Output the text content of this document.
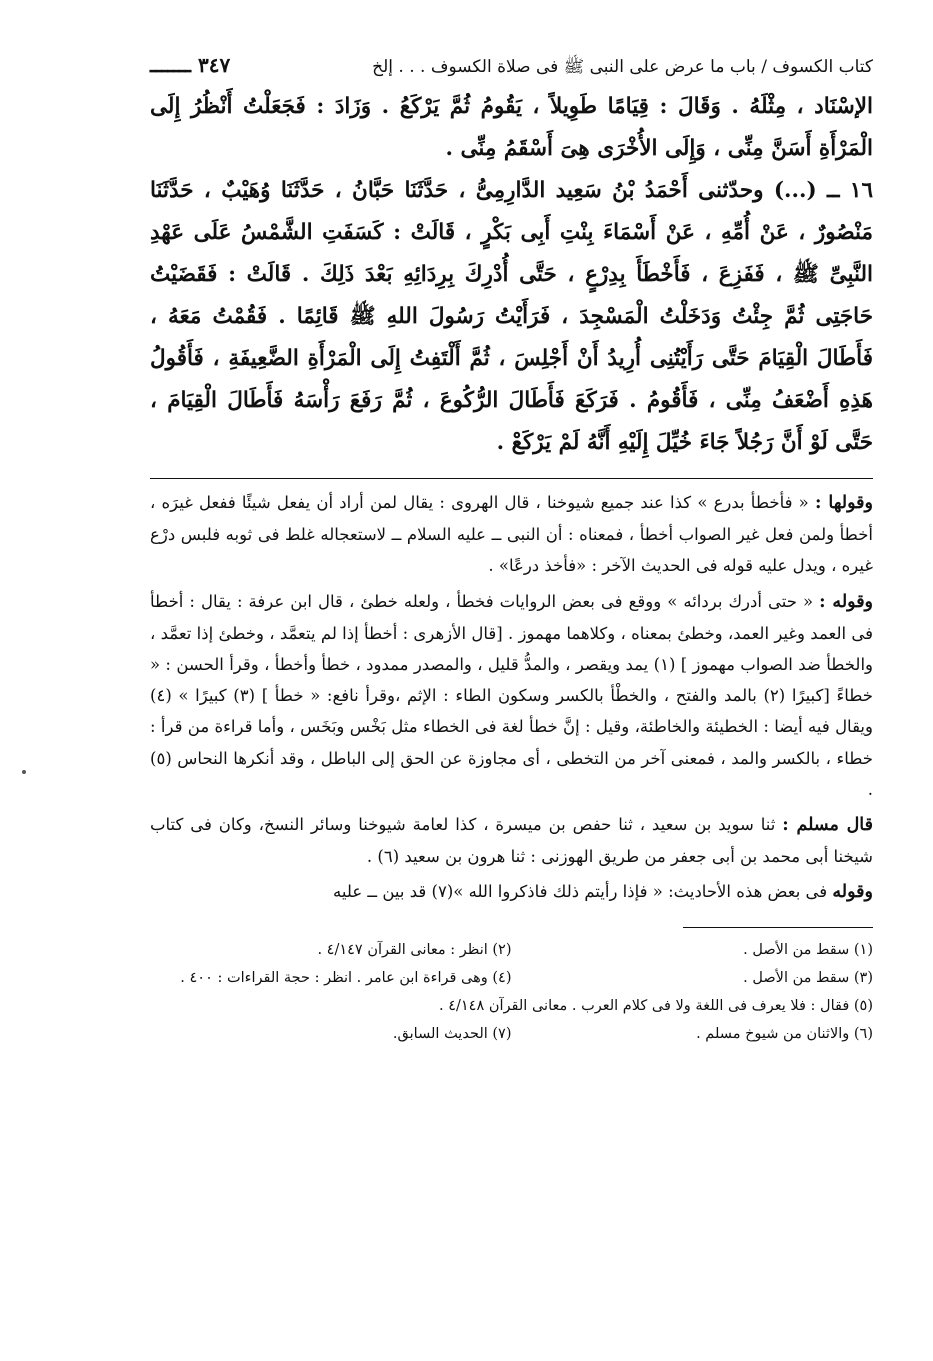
كتاب الكسوف / باب ما عرض على النبى ﷺ فى صلاة الكسوف . . . إلخ
٣٤٧ ـــــــ

الإسْنَاد ، مِثْلَهُ . وَقَالَ : قِيَامًا طَوِيلاً ، يَقُومُ ثُمَّ يَرْكَعُ . وَزَادَ : فَجَعَلْتُ أَنْظُرُ إِلَى الْمَرْأَةِ أَسَنَّ مِنِّى ، وَإِلَى الأُخْرَى هِىَ أَسْقَمُ مِنِّى .

١٦ ــ (...) وحدّثنى أَحْمَدُ بْنُ سَعِيد الدَّارِمِىُّ ، حَدَّثَنَا حَبَّانُ ، حَدَّثَنَا وُهَيْبٌ ، حَدَّثَنَا مَنْصُورٌ ، عَنْ أُمِّهِ ، عَنْ أَسْمَاءَ بِنْتِ أَبِى بَكْرٍ ، قَالَتْ : كَسَفَتِ الشَّمْسُ عَلَى عَهْدِ النَّبِىِّ ﷺ ، فَفَزِعَ ، فَأَخْطَأَ بِدِرْعٍ ، حَتَّى أُدْرِكَ بِرِدَائِهِ بَعْدَ ذَلِكَ . قَالَتْ : فَقَضَيْتُ حَاجَتِى ثُمَّ جِئْتُ وَدَخَلْتُ الْمَسْجِدَ ، فَرَأَيْتُ رَسُولَ اللهِ ﷺ قَائِمًا . فَقُمْتُ مَعَهُ ، فَأَطَالَ الْقِيَامَ حَتَّى رَأَيْتُنِى أُرِيدُ أَنْ أَجْلِسَ ، ثُمَّ أَلْتَفِتُ إِلَى الْمَرْأَةِ الضَّعِيفَةِ ، فَأَقُولُ هَذِهِ أَضْعَفُ مِنِّى ، فَأَقُومُ . فَرَكَعَ فَأَطَالَ الرُّكُوعَ ، ثُمَّ رَفَعَ رَأْسَهُ فَأَطَالَ الْقِيَامَ ، حَتَّى لَوْ أَنَّ رَجُلاً جَاءَ خُيِّلَ إِلَيْهِ أَنَّهُ لَمْ يَرْكَعْ .

وقولها : « فأخطأ بدرع » كذا عند جميع شيوخنا ، قال الهروى : يقال لمن أراد أن يفعل شيئًا ففعل غيرَه ، أخطأ ولمن فعل غير الصواب أخطأ ، فمعناه : أن النبى ــ عليه السلام ــ لاستعجاله غلط فى ثوبه فلبس درْع غيره ، ويدل عليه قوله فى الحديث الآخر : «فأخذ درعًا» .

وقوله : « حتى أدرك بردائه » ووقع فى بعض الروايات فخطأ ، ولعله خطئ ، قال ابن عرفة : يقال : أخطأ فى العمد وغير العمد، وخطئ بمعناه ، وكلاهما مهموز . [قال الأزهرى : أخطأ إذا لم يتعمَّد ، وخطئ إذا تعمَّد ، والخطأ ضد الصواب مهموز ] (١) يمد ويقصر ، والمدُّ قليل ، والمصدر ممدود ، خطأ وأخطأ ، وقرأ الحسن : « خطاءً [كبيرًا (٢) بالمد والفتح ، والخطْأ بالكسر وسكون الطاء : الإثم ،وقرأ نافع: « خطأ ] (٣) كبيرًا » (٤) ويقال فيه أيضا : الخطيئة والخاطئة، وقيل : إنَّ خطأ لغة فى الخطاء مثل بَخْس وبَخَس ، وأما قراءة من قرأ : خطاء ، بالكسر والمد ، فمعنى آخر من التخطى ، أى مجاوزة عن الحق إلى الباطل ، وقد أنكرها النحاس (٥) .

قال مسلم : ثنا سويد بن سعيد ، ثنا حفص بن ميسرة ، كذا لعامة شيوخنا وسائر النسخ، وكان فى كتاب شيخنا أبى محمد بن أبى جعفر من طريق الهوزنى : ثنا هرون بن سعيد (٦) .

وقوله فى بعض هذه الأحاديث: « فإذا رأيتم ذلك فاذكروا الله »(٧) قد بين ــ عليه

(١) سقط من الأصل .
(٢) انظر : معانى القرآن ٤/١٤٧ .
(٣) سقط من الأصل .
(٤) وهى قراءة ابن عامر . انظر : حجة القراءات : ٤٠٠ .
(٥) فقال : فلا يعرف فى اللغة ولا فى كلام العرب . معانى القرآن ٤/١٤٨ .
(٦) والاثنان من شيوخ مسلم .
(٧) الحديث السابق.
